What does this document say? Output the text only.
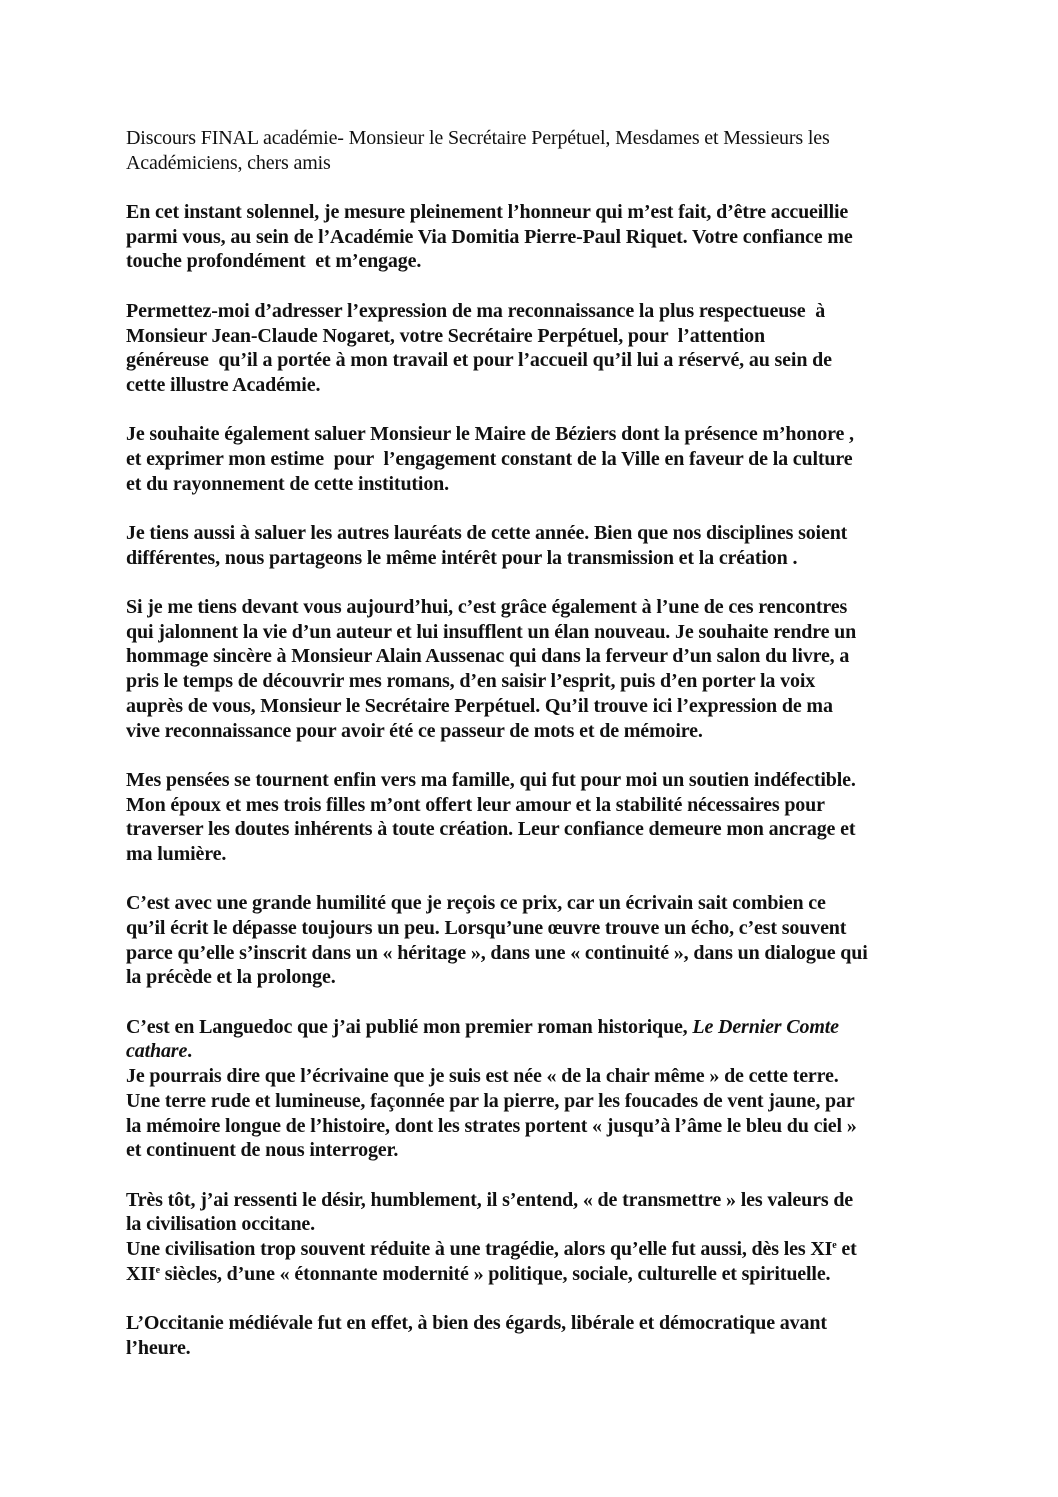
Discours FINAL académie- Monsieur le Secrétaire Perpétuel, Mesdames et Messieurs les
Académiciens, chers amis
En cet instant solennel, je mesure pleinement l’honneur qui m’est fait, d’être accueillie
parmi vous, au sein de l’Académie Via Domitia Pierre-Paul Riquet. Votre confiance me
touche profondément  et m’engage.
Permettez-moi d’adresser l’expression de ma reconnaissance la plus respectueuse  à
Monsieur Jean-Claude Nogaret, votre Secrétaire Perpétuel, pour  l’attention
généreuse  qu’il a portée à mon travail et pour l’accueil qu’il lui a réservé, au sein de
cette illustre Académie.
Je souhaite également saluer Monsieur le Maire de Béziers dont la présence m’honore ,
et exprimer mon estime  pour  l’engagement constant de la Ville en faveur de la culture
et du rayonnement de cette institution.
Je tiens aussi à saluer les autres lauréats de cette année. Bien que nos disciplines soient
différentes, nous partageons le même intérêt pour la transmission et la création .
Si je me tiens devant vous aujourd’hui, c’est grâce également à l’une de ces rencontres
qui jalonnent la vie d’un auteur et lui insufflent un élan nouveau. Je souhaite rendre un
hommage sincère à Monsieur Alain Aussenac qui dans la ferveur d’un salon du livre, a
pris le temps de découvrir mes romans, d’en saisir l’esprit, puis d’en porter la voix
auprès de vous, Monsieur le Secrétaire Perpétuel. Qu’il trouve ici l’expression de ma
vive reconnaissance pour avoir été ce passeur de mots et de mémoire.
Mes pensées se tournent enfin vers ma famille, qui fut pour moi un soutien indéfectible.
Mon époux et mes trois filles m’ont offert leur amour et la stabilité nécessaires pour
traverser les doutes inhérents à toute création. Leur confiance demeure mon ancrage et
ma lumière.
C’est avec une grande humilité que je reçois ce prix, car un écrivain sait combien ce
qu’il écrit le dépasse toujours un peu. Lorsqu’une œuvre trouve un écho, c’est souvent
parce qu’elle s’inscrit dans un « héritage », dans une « continuité », dans un dialogue qui
la précède et la prolonge.
C’est en Languedoc que j’ai publié mon premier roman historique, Le Dernier Comte
cathare.
Je pourrais dire que l’écrivaine que je suis est née « de la chair même » de cette terre.
Une terre rude et lumineuse, façonnée par la pierre, par les foucades de vent jaune, par
la mémoire longue de l’histoire, dont les strates portent « jusqu’à l’âme le bleu du ciel »
et continuent de nous interroger.
Très tôt, j’ai ressenti le désir, humblement, il s’entend, « de transmettre » les valeurs de
la civilisation occitane.
Une civilisation trop souvent réduite à une tragédie, alors qu’elle fut aussi, dès les XIe et
XIIe siècles, d’une « étonnante modernité » politique, sociale, culturelle et spirituelle.
L’Occitanie médiévale fut en effet, à bien des égards, libérale et démocratique avant
l’heure.
